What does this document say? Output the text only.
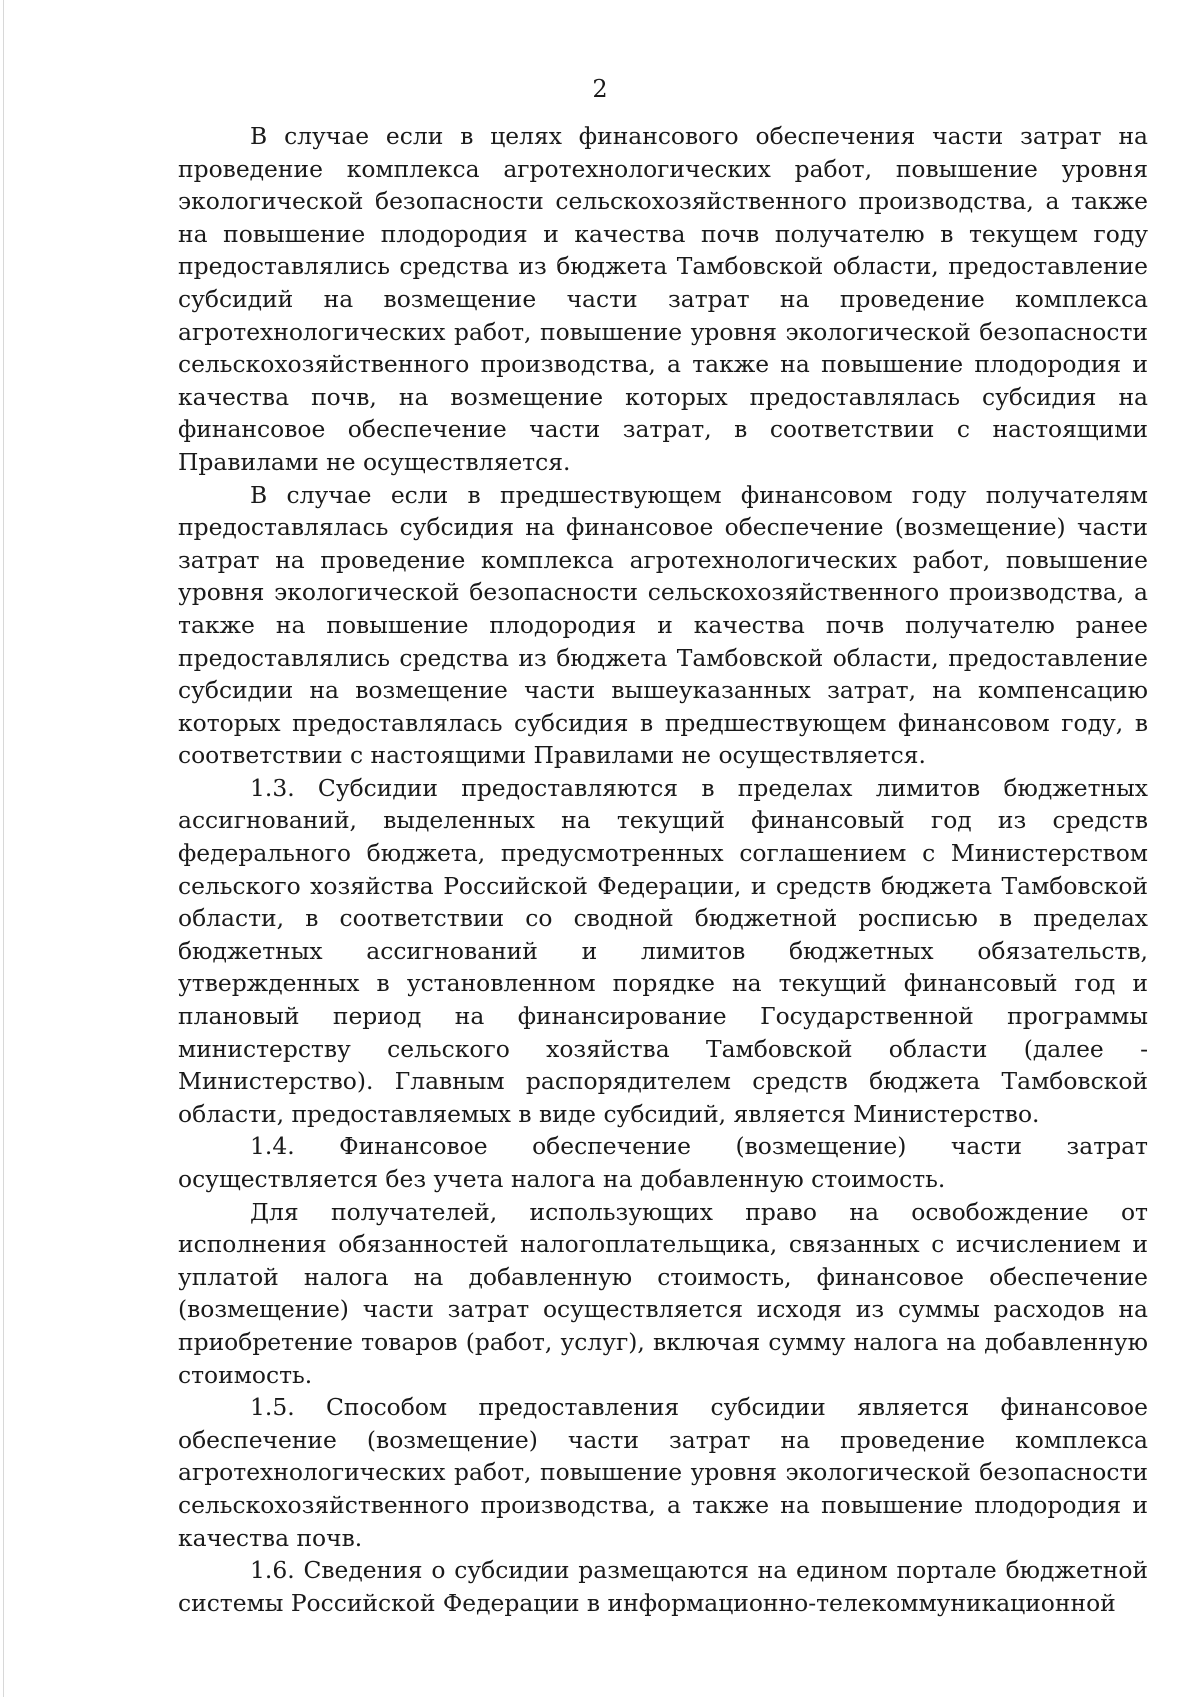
2

В случае если в целях финансового обеспечения части затрат на проведение комплекса агротехнологических работ, повышение уровня экологической безопасности сельскохозяйственного производства, а также на повышение плодородия и качества почв получателю в текущем году предоставлялись средства из бюджета Тамбовской области, предоставление субсидий на возмещение части затрат на проведение комплекса агротехнологических работ, повышение уровня экологической безопасности сельскохозяйственного производства, а также на повышение плодородия и качества почв, на возмещение которых предоставлялась субсидия на финансовое обеспечение части затрат, в соответствии с настоящими Правилами не осуществляется.

В случае если в предшествующем финансовом году получателям предоставлялась субсидия на финансовое обеспечение (возмещение) части затрат на проведение комплекса агротехнологических работ, повышение уровня экологической безопасности сельскохозяйственного производства, а также на повышение плодородия и качества почв получателю ранее предоставлялись средства из бюджета Тамбовской области, предоставление субсидии на возмещение части вышеуказанных затрат, на компенсацию которых предоставлялась субсидия в предшествующем финансовом году, в соответствии с настоящими Правилами не осуществляется.

1.3. Субсидии предоставляются в пределах лимитов бюджетных ассигнований, выделенных на текущий финансовый год из средств федерального бюджета, предусмотренных соглашением с Министерством сельского хозяйства Российской Федерации, и средств бюджета Тамбовской области, в соответствии со сводной бюджетной росписью в пределах бюджетных ассигнований и лимитов бюджетных обязательств, утвержденных в установленном порядке на текущий финансовый год и плановый период на финансирование Государственной программы министерству сельского хозяйства Тамбовской области (далее - Министерство). Главным распорядителем средств бюджета Тамбовской области, предоставляемых в виде субсидий, является Министерство.

1.4. Финансовое обеспечение (возмещение) части затрат осуществляется без учета налога на добавленную стоимость.

Для получателей, использующих право на освобождение от исполнения обязанностей налогоплательщика, связанных с исчислением и уплатой налога на добавленную стоимость, финансовое обеспечение (возмещение) части затрат осуществляется исходя из суммы расходов на приобретение товаров (работ, услуг), включая сумму налога на добавленную стоимость.

1.5. Способом предоставления субсидии является финансовое обеспечение (возмещение) части затрат на проведение комплекса агротехнологических работ, повышение уровня экологической безопасности сельскохозяйственного производства, а также на повышение плодородия и качества почв.

1.6. Сведения о субсидии размещаются на едином портале бюджетной системы Российской Федерации в информационно-телекоммуникационной
